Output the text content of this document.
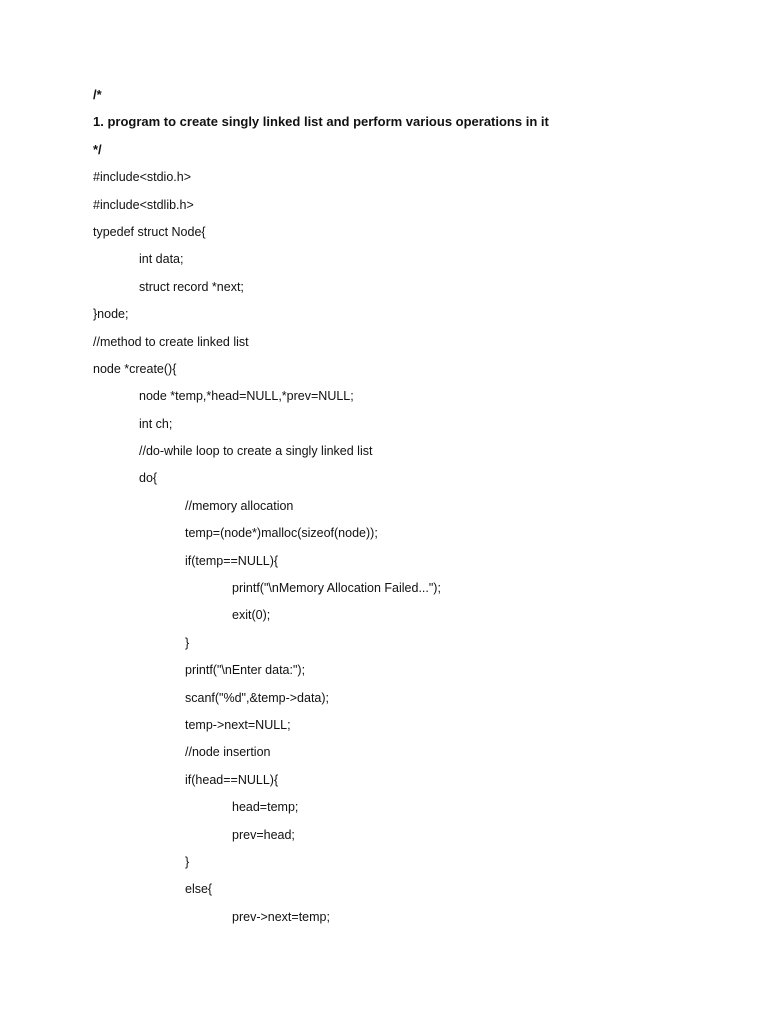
/*
1. program to create singly linked list and perform various operations in it
*/
#include<stdio.h>
#include<stdlib.h>
typedef struct Node{
int data;
struct record *next;
}node;
//method to create linked list
node *create(){
node *temp,*head=NULL,*prev=NULL;
int ch;
//do-while loop to create a singly linked list
do{
//memory allocation
temp=(node*)malloc(sizeof(node));
if(temp==NULL){
printf("\nMemory Allocation Failed...");
exit(0);
}
printf("\nEnter data:");
scanf("%d",&temp->data);
temp->next=NULL;
//node insertion
if(head==NULL){
head=temp;
prev=head;
}
else{
prev->next=temp;
